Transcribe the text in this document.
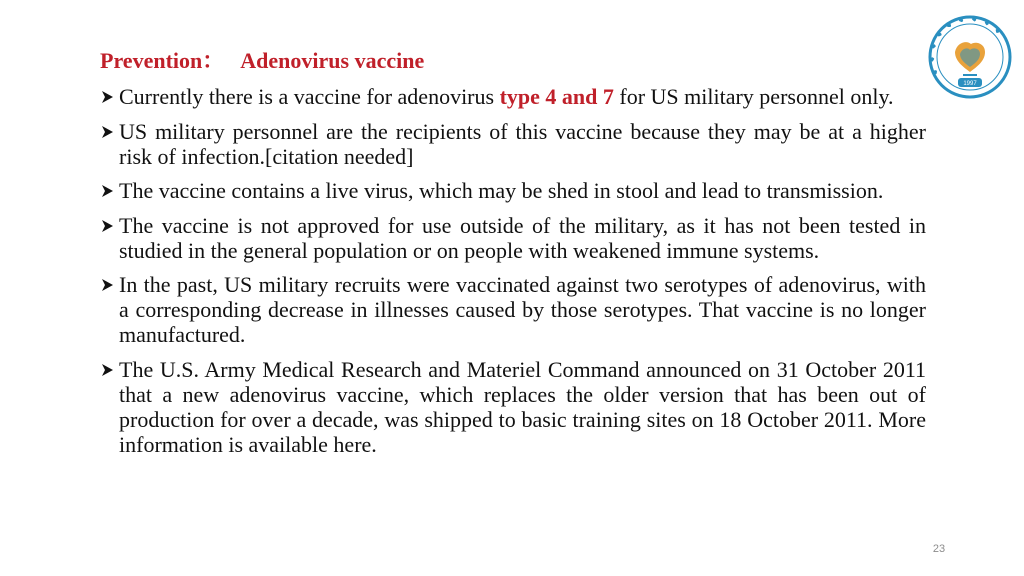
Prevention： Adenovirus vaccine
Currently there is a vaccine for adenovirus type 4 and 7 for US military personnel only.
US military personnel are the recipients of this vaccine because they may be at a higher risk of infection.[citation needed]
The vaccine contains a live virus, which may be shed in stool and lead to transmission.
The vaccine is not approved for use outside of the military, as it has not been tested in studied in the general population or on people with weakened immune systems.
In the past, US military recruits were vaccinated against two serotypes of adenovirus, with a corresponding decrease in illnesses caused by those serotypes. That vaccine is no longer manufactured.
The U.S. Army Medical Research and Materiel Command announced on 31 October 2011 that a new adenovirus vaccine, which replaces the older version that has been out of production for over a decade, was shipped to basic training sites on 18 October 2011. More information is available here.
1997
23
